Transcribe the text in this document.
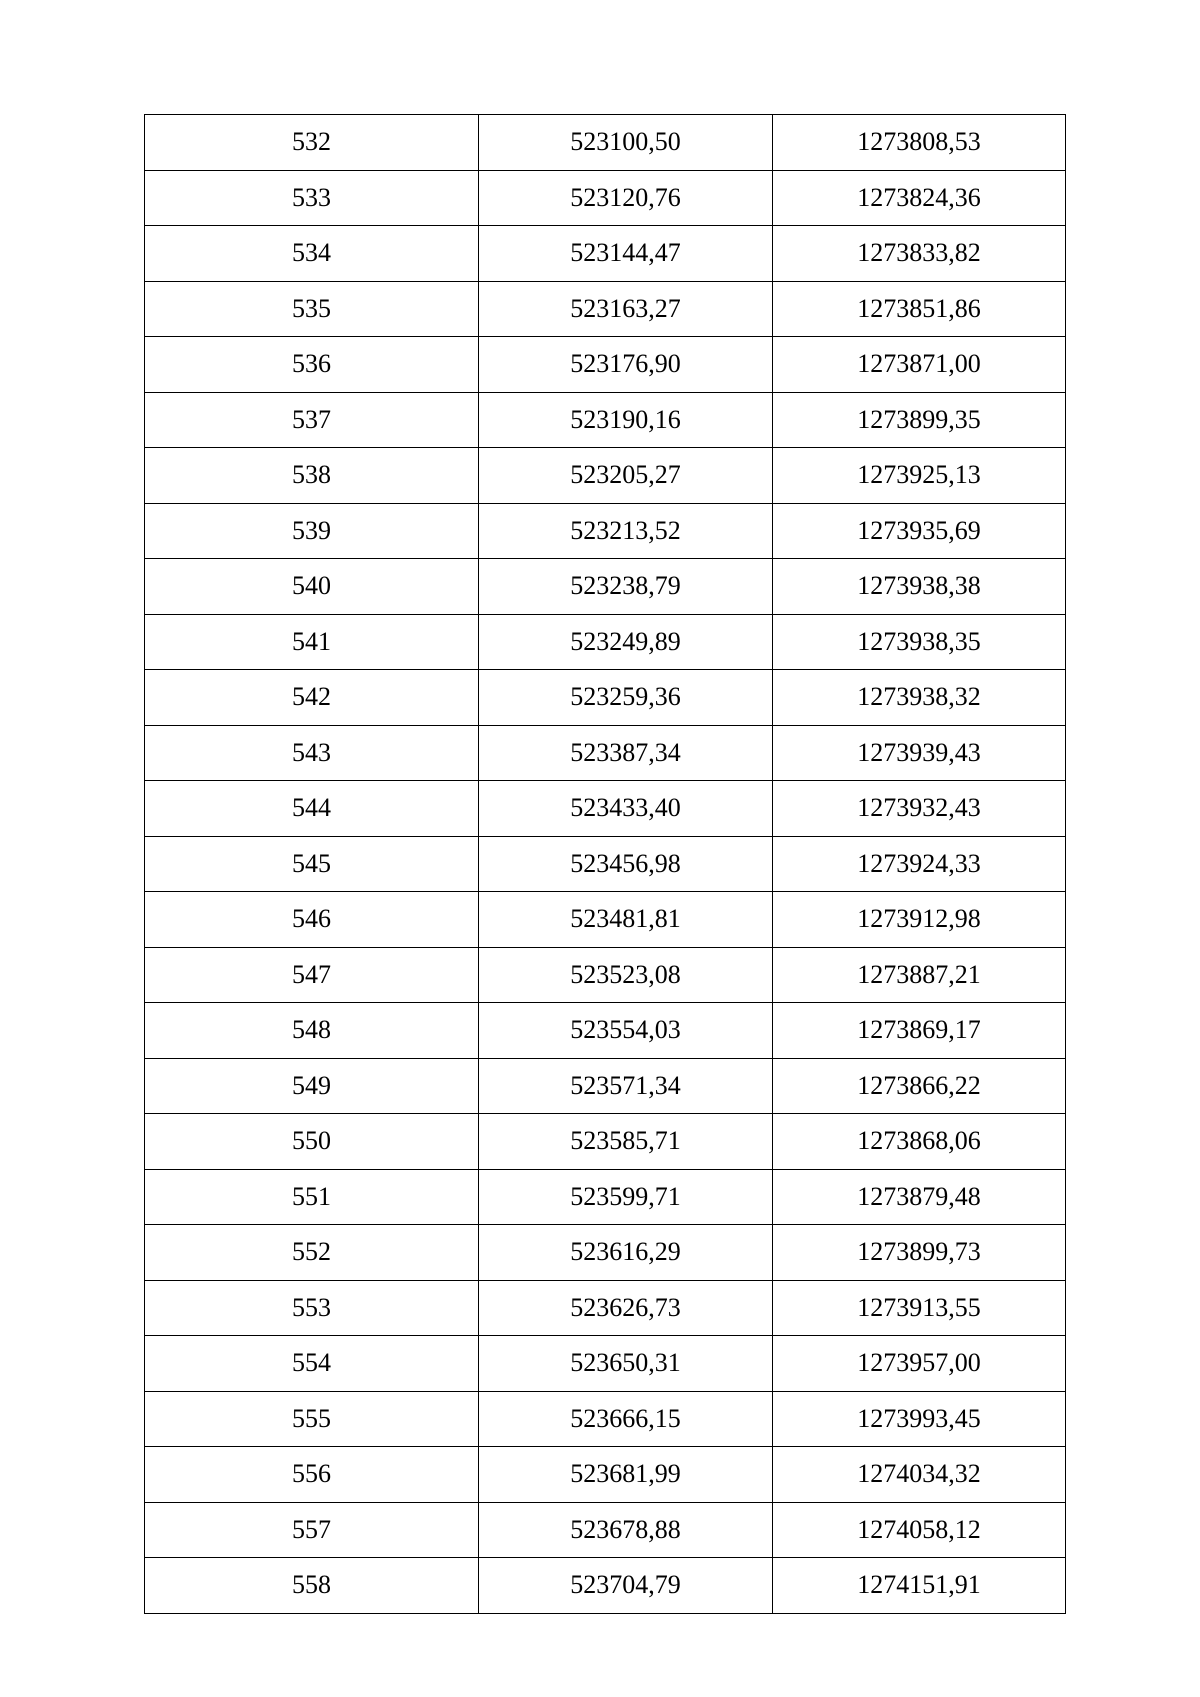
532	523100,50	1273808,53
533	523120,76	1273824,36
534	523144,47	1273833,82
535	523163,27	1273851,86
536	523176,90	1273871,00
537	523190,16	1273899,35
538	523205,27	1273925,13
539	523213,52	1273935,69
540	523238,79	1273938,38
541	523249,89	1273938,35
542	523259,36	1273938,32
543	523387,34	1273939,43
544	523433,40	1273932,43
545	523456,98	1273924,33
546	523481,81	1273912,98
547	523523,08	1273887,21
548	523554,03	1273869,17
549	523571,34	1273866,22
550	523585,71	1273868,06
551	523599,71	1273879,48
552	523616,29	1273899,73
553	523626,73	1273913,55
554	523650,31	1273957,00
555	523666,15	1273993,45
556	523681,99	1274034,32
557	523678,88	1274058,12
558	523704,79	1274151,91
